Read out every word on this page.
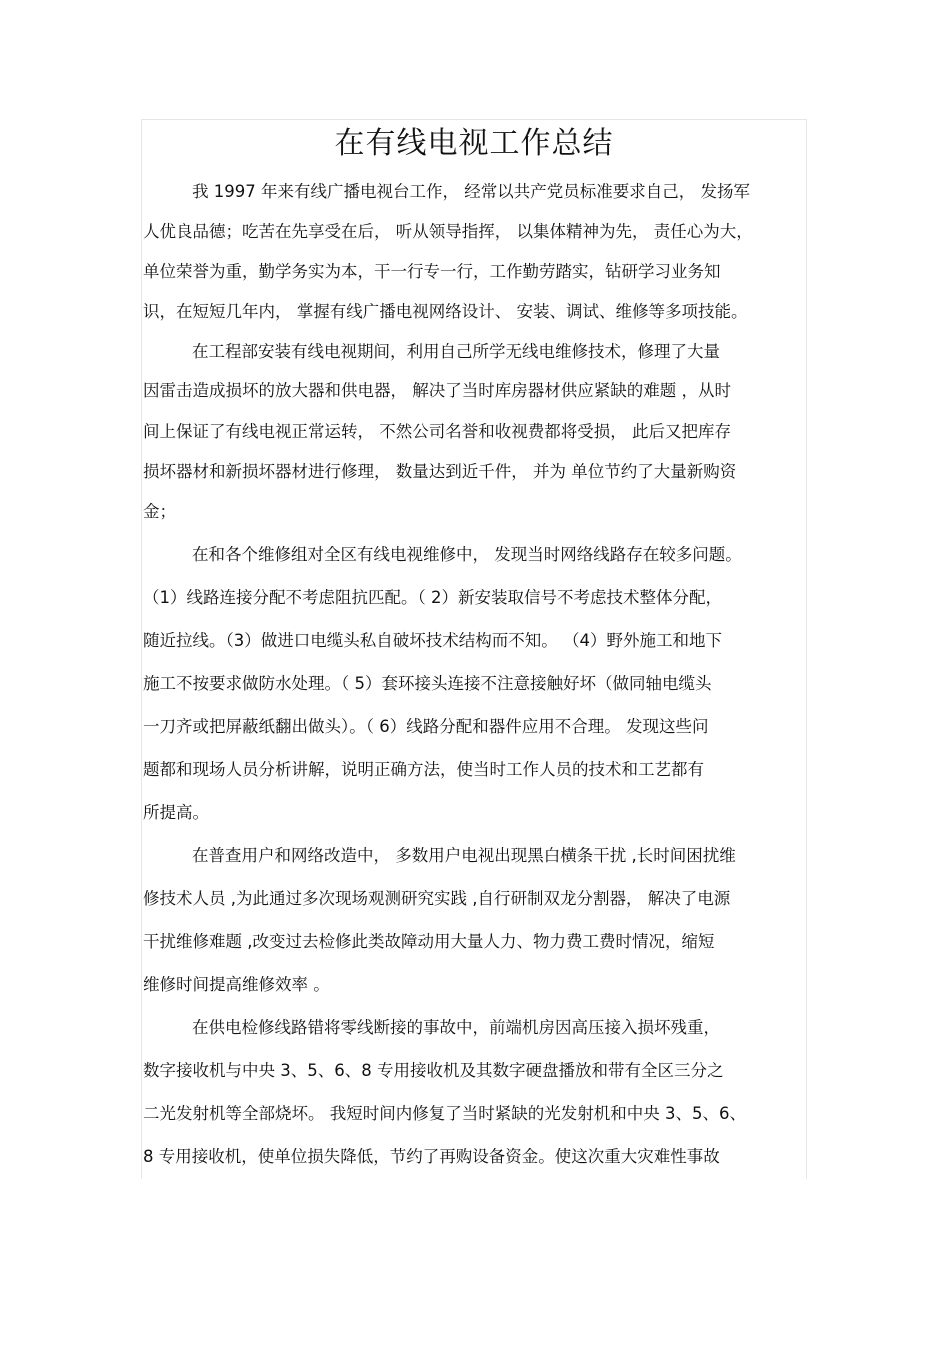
在有线电视工作总结
我 1997 年来有线广播电视台工作， 经常以共产党员标准要求自己， 发扬军
人优良品德；吃苦在先享受在后， 听从领导指挥， 以集体精神为先， 责任心为大，
单位荣誉为重，勤学务实为本，干一行专一行，工作勤劳踏实，钻研学习业务知
识，在短短几年内， 掌握有线广播电视网络设计、 安装、调试、维修等多项技能。
在工程部安装有线电视期间，利用自己所学无线电维修技术，修理了大量
因雷击造成损坏的放大器和供电器， 解决了当时库房器材供应紧缺的难题 ，从时
间上保证了有线电视正常运转， 不然公司名誉和收视费都将受损， 此后又把库存
损坏器材和新损坏器材进行修理， 数量达到近千件， 并为 单位节约了大量新购资
金；
在和各个维修组对全区有线电视维修中， 发现当时网络线路存在较多问题。
（1）线路连接分配不考虑阻抗匹配。（ 2）新安装取信号不考虑技术整体分配，
随近拉线。（3）做进口电缆头私自破坏技术结构而不知。 （4）野外施工和地下
施工不按要求做防水处理。（ 5）套环接头连接不注意接触好坏（做同轴电缆头
一刀齐或把屏蔽纸翻出做头）。（ 6）线路分配和器件应用不合理。 发现这些问
题都和现场人员分析讲解，说明正确方法，使当时工作人员的技术和工艺都有
所提高。
在普查用户和网络改造中， 多数用户电视出现黑白横条干扰 ,长时间困扰维
修技术人员 ,为此通过多次现场观测研究实践 ,自行研制双龙分割器， 解决了电源
干扰维修难题 ,改变过去检修此类故障动用大量人力、物力费工费时情况，缩短
维修时间提高维修效率 。
在供电检修线路错将零线断接的事故中，前端机房因高压接入损坏残重，
数字接收机与中央 3、5、6、8 专用接收机及其数字硬盘播放和带有全区三分之
二光发射机等全部烧坏。 我短时间内修复了当时紧缺的光发射机和中央 3、5、6、
8 专用接收机，使单位损失降低，节约了再购设备资金。使这次重大灾难性事故
